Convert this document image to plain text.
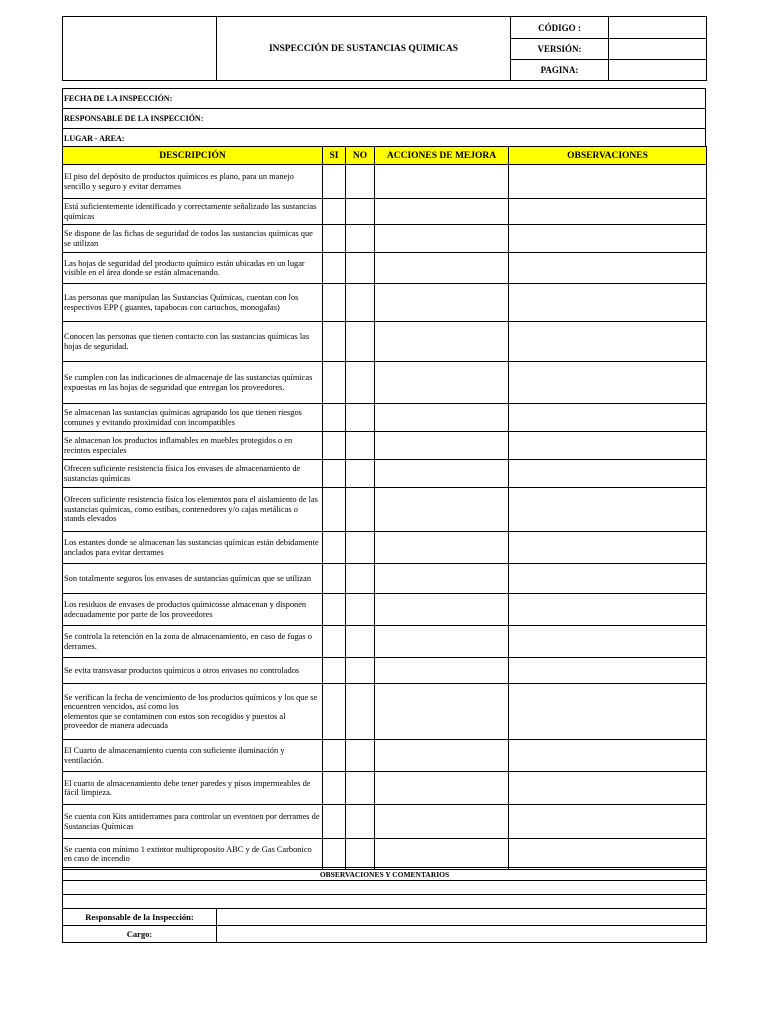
	INSPECCIÓN DE SUSTANCIAS QUIMICAS	CÓDIGO :	
		VERSIÓN:	
		PAGINA:	
FECHA DE LA INSPECCIÓN:
RESPONSABLE DE LA INSPECCIÓN:
LUGAR - AREA:
DESCRIPCIÓN	SI	NO	ACCIONES DE MEJORA	OBSERVACIONES
El piso del depósito de productos químicos es plano, para un manejo sencillo y seguro y evitar derrames				
Está suficientemente identificado y correctamente señalizado las sustancias químicas				
Se dispone de las fichas de seguridad de todos las sustancias químicas que se utilizan				
Las hojas de seguridad del producto químico están ubicadas en un lugar visible en el área donde se están almacenando.				
Las personas que manipulan las Sustancias Químicas, cuentan con los respectivos EPP ( guantes, tapabocas con cartuchos, monogafas)				
Conocen las personas que tienen contacto con las sustancias químicas las hojas de seguridad.				
Se cumplen con las indicaciones de almacenaje de las sustancias químicas expuestas en las hojas de seguridad que entregan los proveedores.				
Se almacenan las sustancias químicas agrupando los que tienen riesgos comunes y evitando proximidad con incompatibles				
Se almacenan los productos inflamables en muebles protegidos o en recintos especiales				
Ofrecen suficiente resistencia física los envases de almacenamiento de sustancias químicas				
Ofrecen suficiente resistencia física los elementos para el aislamiento de las sustancias químicas, como estibas, contenedores y/o cajas metálicas o stands elevados				
Los estantes donde se almacenan las sustancias químicas están debidamente anclados para evitar derrames				
Son totalmente seguros los envases de sustancias químicas que se utilizan				
Los residuos de envases de productos químicosse almacenan y disponen adecuadamente por parte de los proveedores				
Se controla la retención en la zona de almacenamiento, en caso de fugas o derrames.				
Se evita transvasar productos químicos a otros envases no controlados				
Se verifican la fecha de vencimiento de los productos químicos y los que se encuentren vencidos, así como los
elementos que se contaminen con estos son recogidos y puestos al proveedor de manera adecuada				
El Cuarto de almacenamiento cuenta con suficiente iluminación y ventilación.				
El cuarto de almacenamiento debe tener paredes y pisos impermeables de fácil limpieza.				
Se cuenta con Kits antiderrames para controlar un eventoen por derrames de Sustancias Químicas				
Se cuenta con mínimo 1 extintor multiproposito ABC y de Gas Carbonico en caso de incendio				
OBSERVACIONES Y COMENTARIOS	

Responsable de la Inspección:	
Cargo:	
